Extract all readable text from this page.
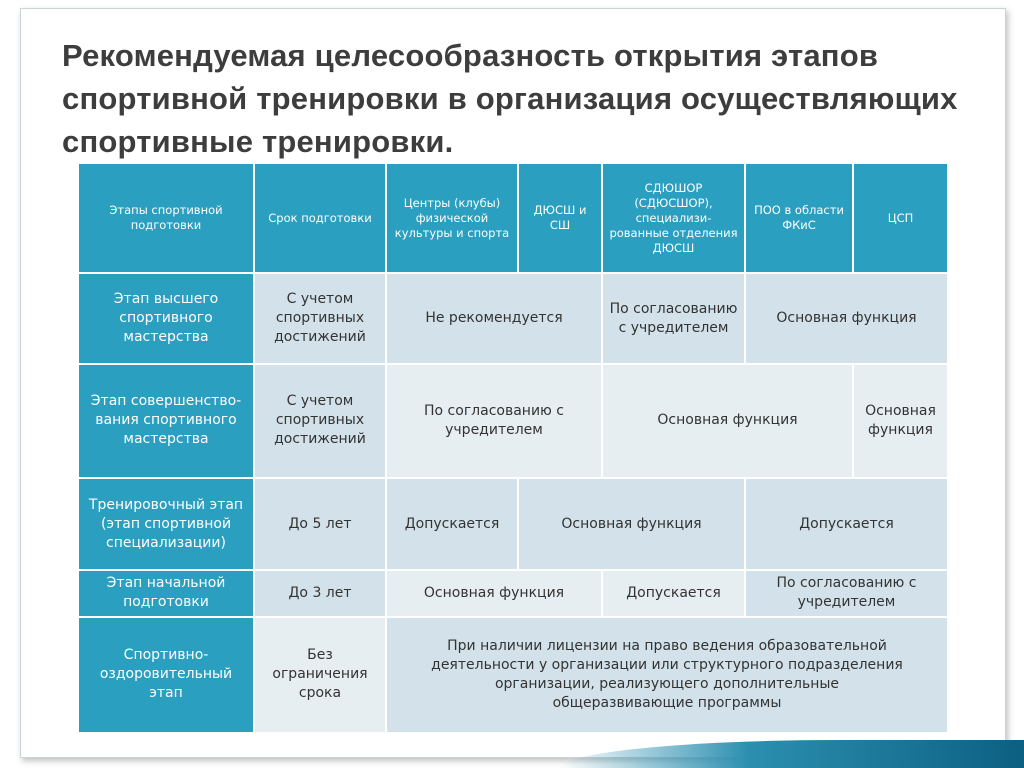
Рекомендуемая целесообразность открытия этапов спортивной тренировки в организация осуществляющих спортивные тренировки.
Этапы спортивной подготовки	Срок подготовки	Центры (клубы) физической культуры и спорта	ДЮСШ и СШ	СДЮШОР (СДЮСШОР), специализи-рованные отделения ДЮСШ	ПОО в области ФКиС	ЦСП
Этап высшего спортивного мастерства	С учетом спортивных достижений	Не рекомендуется		По согласованию с учредителем	Основная функция	
Этап совершенство-вания спортивного мастерства	С учетом спортивных достижений	По согласованию с учредителем		Основная функция		Основная функция
Тренировочный этап (этап спортивной специализации)	До 5 лет	Допускается	Основная функция		Допускается	
Этап начальной подготовки	До 3 лет	Основная функция		Допускается	По согласованию с учредителем	
Спортивно-оздоровительный этап	Без ограничения срока	При наличии лицензии на право ведения образовательной деятельности у организации или структурного подразделения организации, реализующего дополнительные общеразвивающие программы				
